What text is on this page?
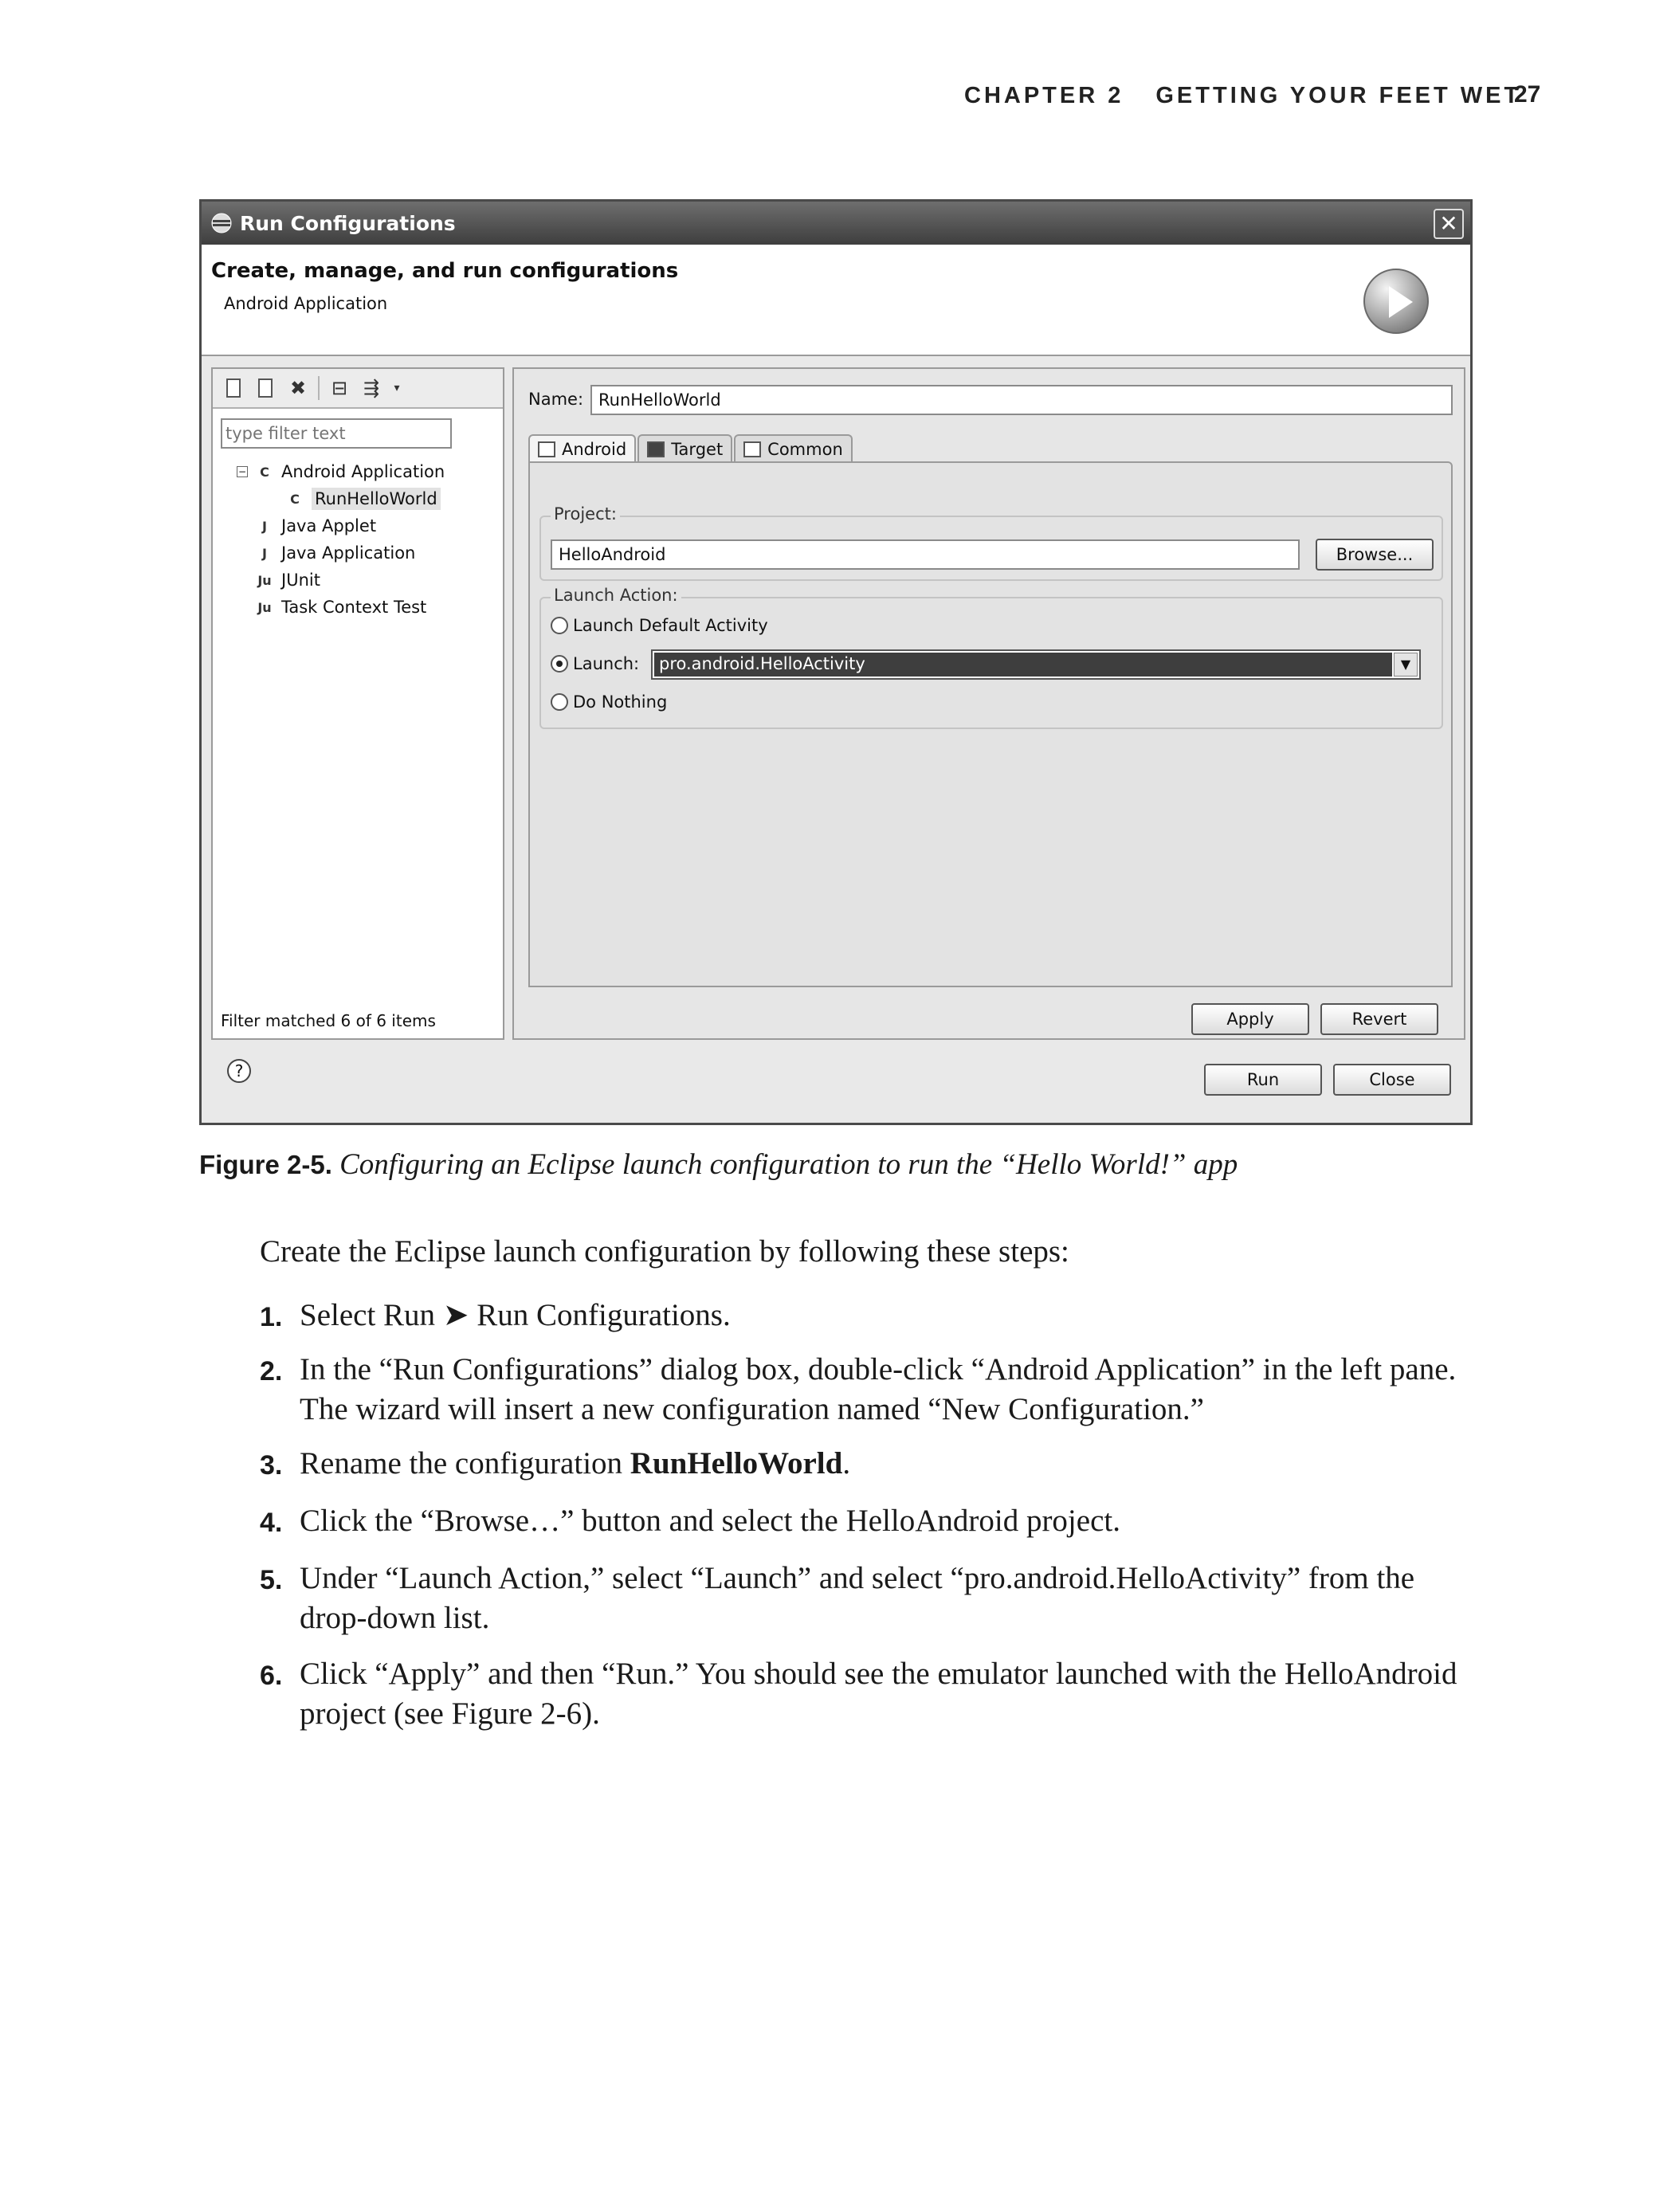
CHAPTER 2 GETTING YOUR FEET WET
27
Run Configurations	✕
Create, manage, and run configurations
Android Application
✖ ⊟ ⇶	▾
type filter text
−	C Android Application
C RunHelloWorld
J Java Applet
J Java Application
Ju JUnit
Ju Task Context Test
Filter matched 6 of 6 items
Name:
RunHelloWorld
Android	Target	Common
Project:
HelloAndroid
Browse...
Launch Action:
Launch Default Activity
Launch: pro.android.HelloActivity	▼
Do Nothing
Apply	Revert
?	Run	Close
Figure 2-5. Configuring an Eclipse launch configuration to run the “Hello World!” app
Create the Eclipse launch configuration by following these steps:
1. Select Run ➤ Run Configurations.
2. In the “Run Configurations” dialog box, double-click “Android Application” in the left pane. The wizard will insert a new configuration named “New Configuration.”
3. Rename the configuration RunHelloWorld.
4. Click the “Browse…” button and select the HelloAndroid project.
5. Under “Launch Action,” select “Launch” and select “pro.android.HelloActivity” from the drop-down list.
6. Click “Apply” and then “Run.” You should see the emulator launched with the HelloAndroid project (see Figure 2-6).
